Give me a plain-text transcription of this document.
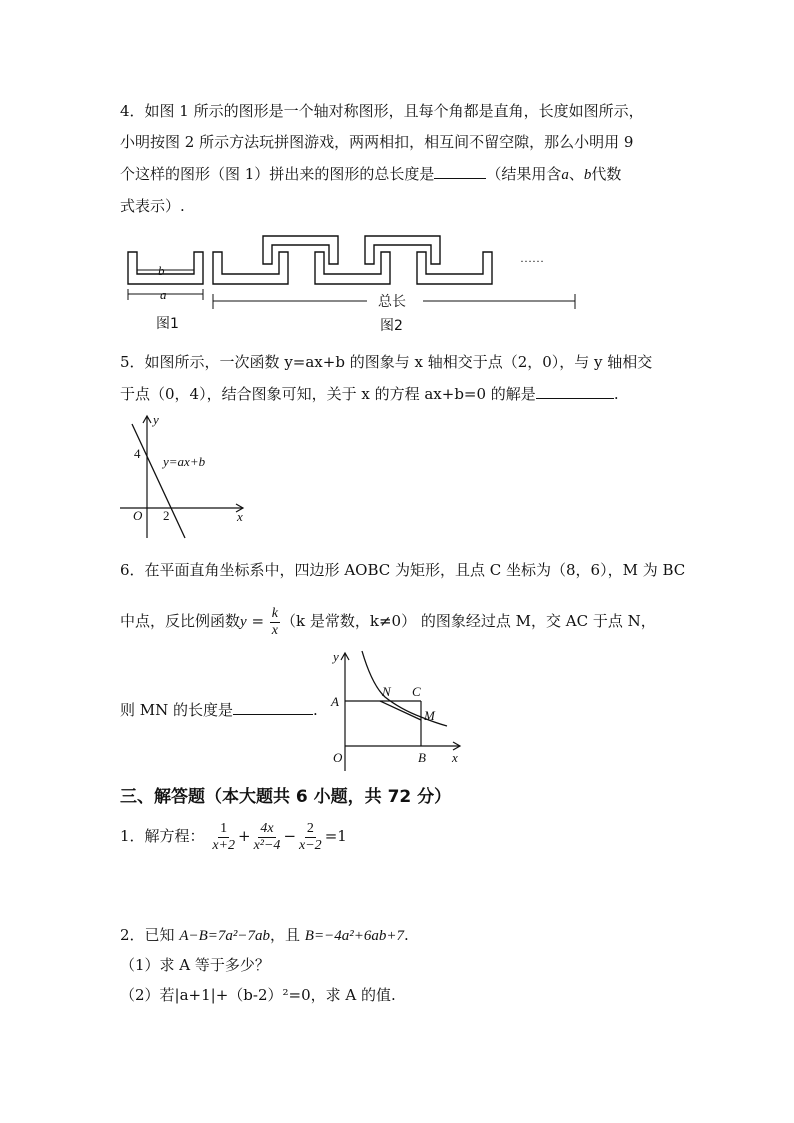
4．如图 1 所示的图形是一个轴对称图形，且每个角都是直角，长度如图所示，
小明按图 2 所示方法玩拼图游戏，两两相扣，相互间不留空隙，那么小明用 9
个这样的图形（图 1）拼出来的图形的总长度是	（结果用含a、b代数
式表示）.
b
a
……
总长
图1	图2
5．如图所示，一次函数 y=ax+b 的图象与 x 轴相交于点（2，0），与 y 轴相交
于点（0，4），结合图象可知，关于 x 的方程 ax+b=0 的解是	.
y
x
O
4
2
y=ax+b
6．在平面直角坐标系中，四边形 AOBC 为矩形，且点 C 坐标为（8，6），M 为 BC
中点，反比例函数$y = \frac{k}{x} (k$ 是常数，k≠0） 的图象经过点 M，交 AC 于点 N，
则 MN 的长度是	.
y
x
O
A
B
C
N
M
三、解答题（本大题共 6 小题，共 72 分）
1．解方程： $\frac{1}{x+2} + \frac{4x}{\text{x²−4}} - \frac{2}{x-2} =1$
2．已知 A−B=7a²−7ab，且 B=−4a²+6ab+7.
（1）求 A 等于多少？
（2）若|a+1|+（b-2）²=0，求 A 的值.
